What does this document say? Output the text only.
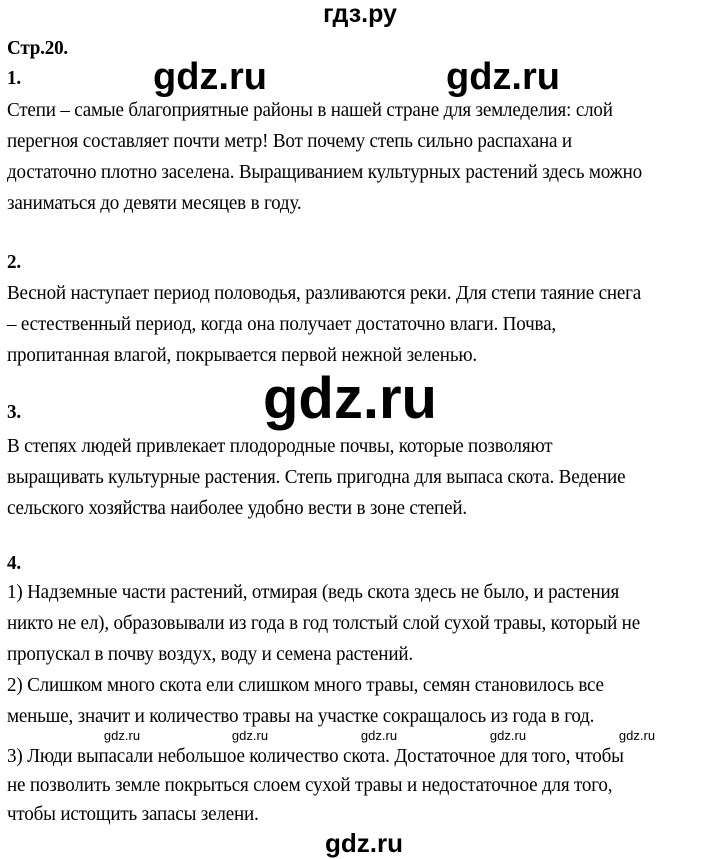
гдз.ру
Стр.20.
1.	gdz.ru	gdz.ru
Степи – самые благоприятные районы в нашей стране для земледелия: слой
перегноя составляет почти метр! Вот почему степь сильно распахана и
достаточно плотно заселена. Выращиванием культурных растений здесь можно
заниматься до девяти месяцев в году.
2.
Весной наступает период половодья, разливаются реки. Для степи таяние снега
– естественный период, когда она получает достаточно влаги. Почва,
пропитанная влагой, покрывается первой нежной зеленью.
3.	gdz.ru
В степях людей привлекает плодородные почвы, которые позволяют
выращивать культурные растения. Степь пригодна для выпаса скота. Ведение
сельского хозяйства наиболее удобно вести в зоне степей.
4.
1) Надземные части растений, отмирая (ведь скота здесь не было, и растения
никто не ел), образовывали из года в год толстый слой сухой травы, который не
пропускал в почву воздух, воду и семена растений.
2) Слишком много скота ели слишком много травы, семян становилось все
меньше, значит и количество травы на участке сокращалось из года в год.
gdz.ru	gdz.ru	gdz.ru	gdz.ru	gdz.ru
3) Люди выпасали небольшое количество скота. Достаточное для того, чтобы
не позволить земле покрыться слоем сухой травы и недостаточное для того,
чтобы истощить запасы зелени.
gdz.ru
